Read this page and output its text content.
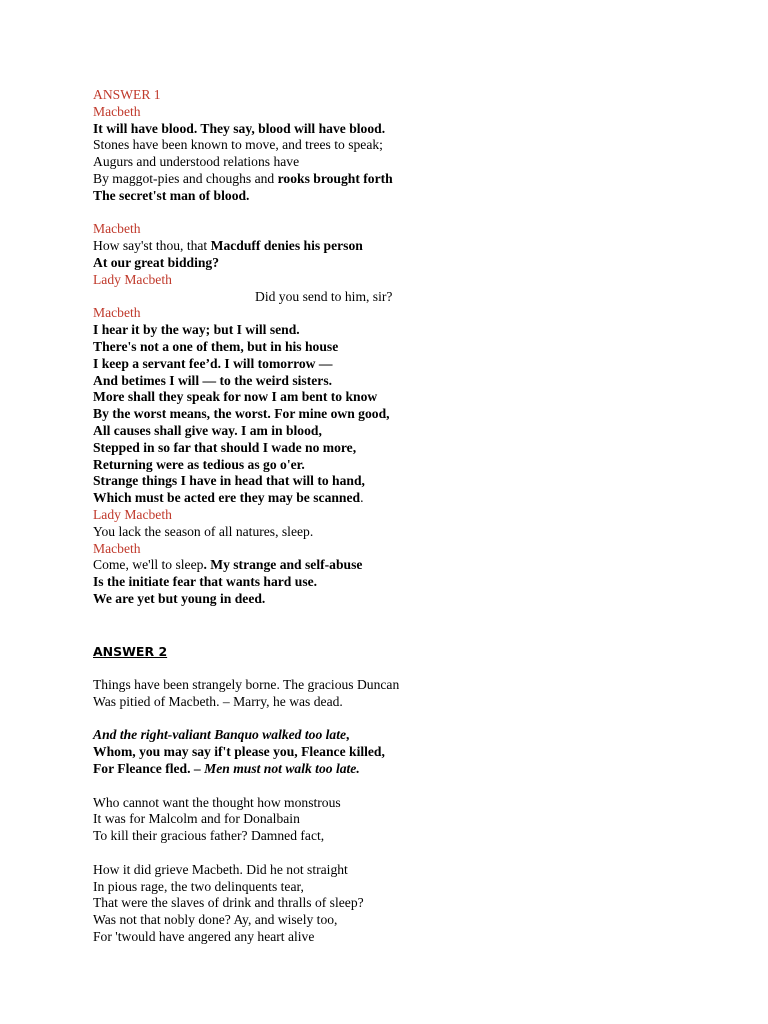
ANSWER 1
Macbeth
It will have blood. They say, blood will have blood.
Stones have been known to move, and trees to speak;
Augurs and understood relations have
By maggot-pies and choughs and rooks brought forth
The secret'st man of blood.
Macbeth
How say'st thou, that Macduff denies his person
At our great bidding?
Lady Macbeth
Did you send to him, sir?
Macbeth
I hear it by the way; but I will send.
There's not a one of them, but in his house
I keep a servant fee’d. I will tomorrow —
And betimes I will — to the weird sisters.
More shall they speak for now I am bent to know
By the worst means, the worst. For mine own good,
All causes shall give way. I am in blood,
Stepped in so far that should I wade no more,
Returning were as tedious as go o'er.
Strange things I have in head that will to hand,
Which must be acted ere they may be scanned.
Lady Macbeth
You lack the season of all natures, sleep.
Macbeth
Come, we'll to sleep. My strange and self-abuse
Is the initiate fear that wants hard use.
We are yet but young in deed.
ANSWER 2
Things have been strangely borne. The gracious Duncan
Was pitied of Macbeth. – Marry, he was dead.
And the right-valiant Banquo walked too late,
Whom, you may say if't please you, Fleance killed,
For Fleance fled. – Men must not walk too late.
Who cannot want the thought how monstrous
It was for Malcolm and for Donalbain
To kill their gracious father? Damned fact,
How it did grieve Macbeth. Did he not straight
In pious rage, the two delinquents tear,
That were the slaves of drink and thralls of sleep?
Was not that nobly done? Ay, and wisely too,
For 'twould have angered any heart alive
